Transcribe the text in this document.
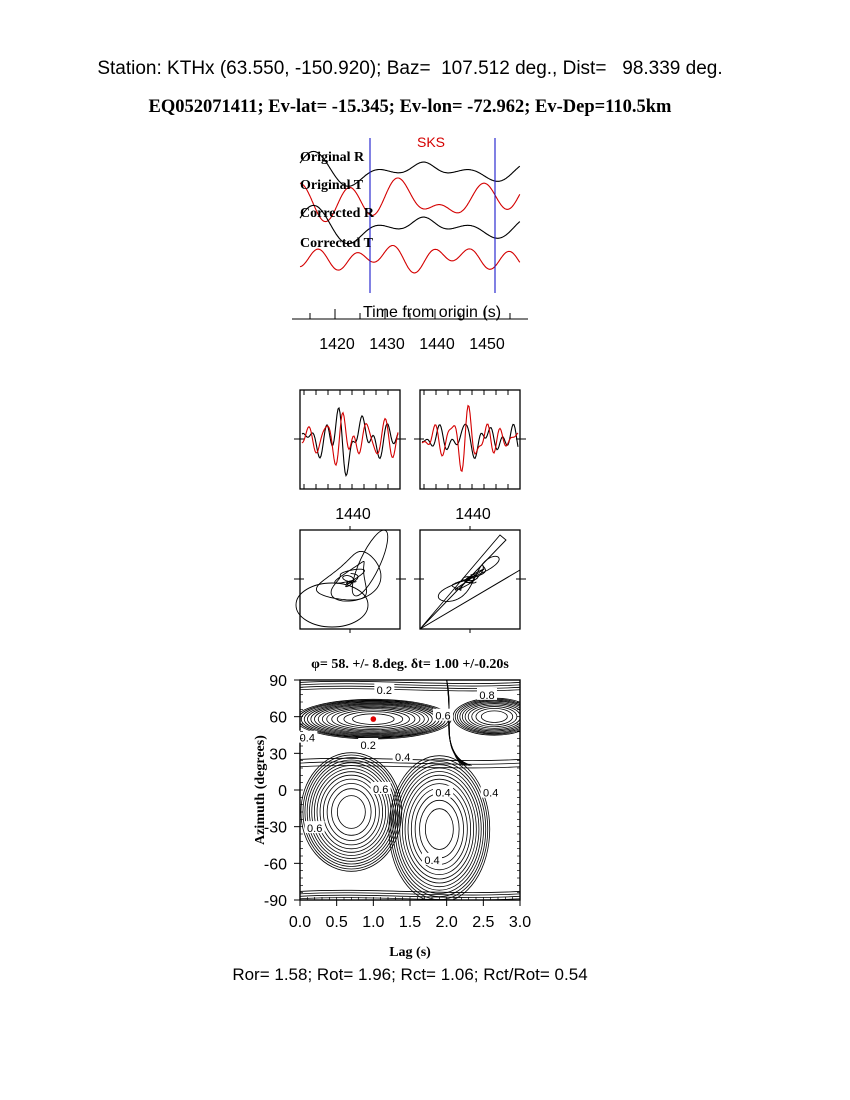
Station: KTHx (63.550, -150.920); Baz=  107.512 deg., Dist=   98.339 deg.
EQ052071411; Ev-lat= -15.345; Ev-lon= -72.962; Ev-Dep=110.5km
Original R
Original T
Corrected R
Corrected T
SKS
1420 1430 1440 1450
Time from origin (s)
1440	1440
φ= 58. +/- 8.deg. δt= 1.00 +/-0.20s
0.2	0.8
0.6
0.4
0.2
0.4
0.6	0.4	0.4
0.6
0.4
0.0 0.5 1.0 1.5 2.0 2.5 3.0
90
60
30
0
-30
-60
-90
Lag (s)
Azimuth (degrees)
Ror= 1.58; Rot= 1.96; Rct= 1.06; Rct/Rot= 0.54
